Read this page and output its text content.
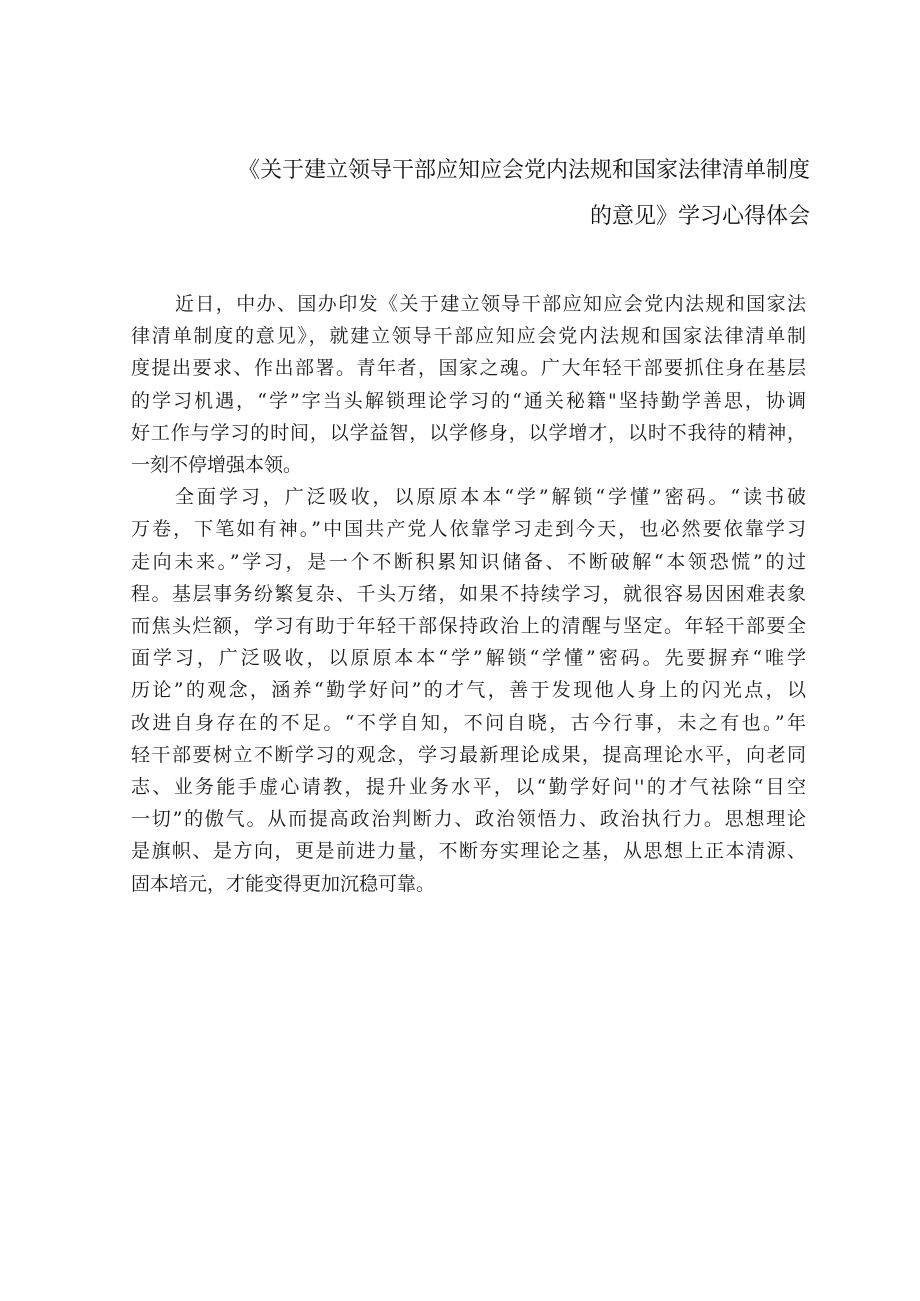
《关于建立领导干部应知应会党内法规和国家法律清单制度
的意见》学习心得体会
近日，中办、国办印发《关于建立领导干部应知应会党内法规和国家法
律清单制度的意见》，就建立领导干部应知应会党内法规和国家法律清单制
度提出要求、作出部署。青年者，国家之魂。广大年轻干部要抓住身在基层
的学习机遇，“学”字当头解锁理论学习的“通关秘籍"坚持勤学善思，协调
好工作与学习的时间，以学益智，以学修身，以学增才，以时不我待的精神，
一刻不停增强本领。
全面学习，广泛吸收，以原原本本“学”解锁“学懂”密码。“读书破
万卷，下笔如有神。”中国共产党人依靠学习走到今天，也必然要依靠学习
走向未来。”学习，是一个不断积累知识储备、不断破解“本领恐慌”的过
程。基层事务纷繁复杂、千头万绪，如果不持续学习，就很容易因困难表象
而焦头烂额，学习有助于年轻干部保持政治上的清醒与坚定。年轻干部要全
面学习，广泛吸收，以原原本本“学”解锁“学懂”密码。先要摒弃“唯学
历论”的观念，涵养“勤学好问”的才气，善于发现他人身上的闪光点，以
改进自身存在的不足。“不学自知，不问自晓，古今行事，未之有也。”年
轻干部要树立不断学习的观念，学习最新理论成果，提高理论水平，向老同
志、业务能手虚心请教，提升业务水平，以“勤学好问''的才气祛除“目空
一切”的傲气。从而提高政治判断力、政治领悟力、政治执行力。思想理论
是旗帜、是方向，更是前进力量，不断夯实理论之基，从思想上正本清源、
固本培元，才能变得更加沉稳可靠。
